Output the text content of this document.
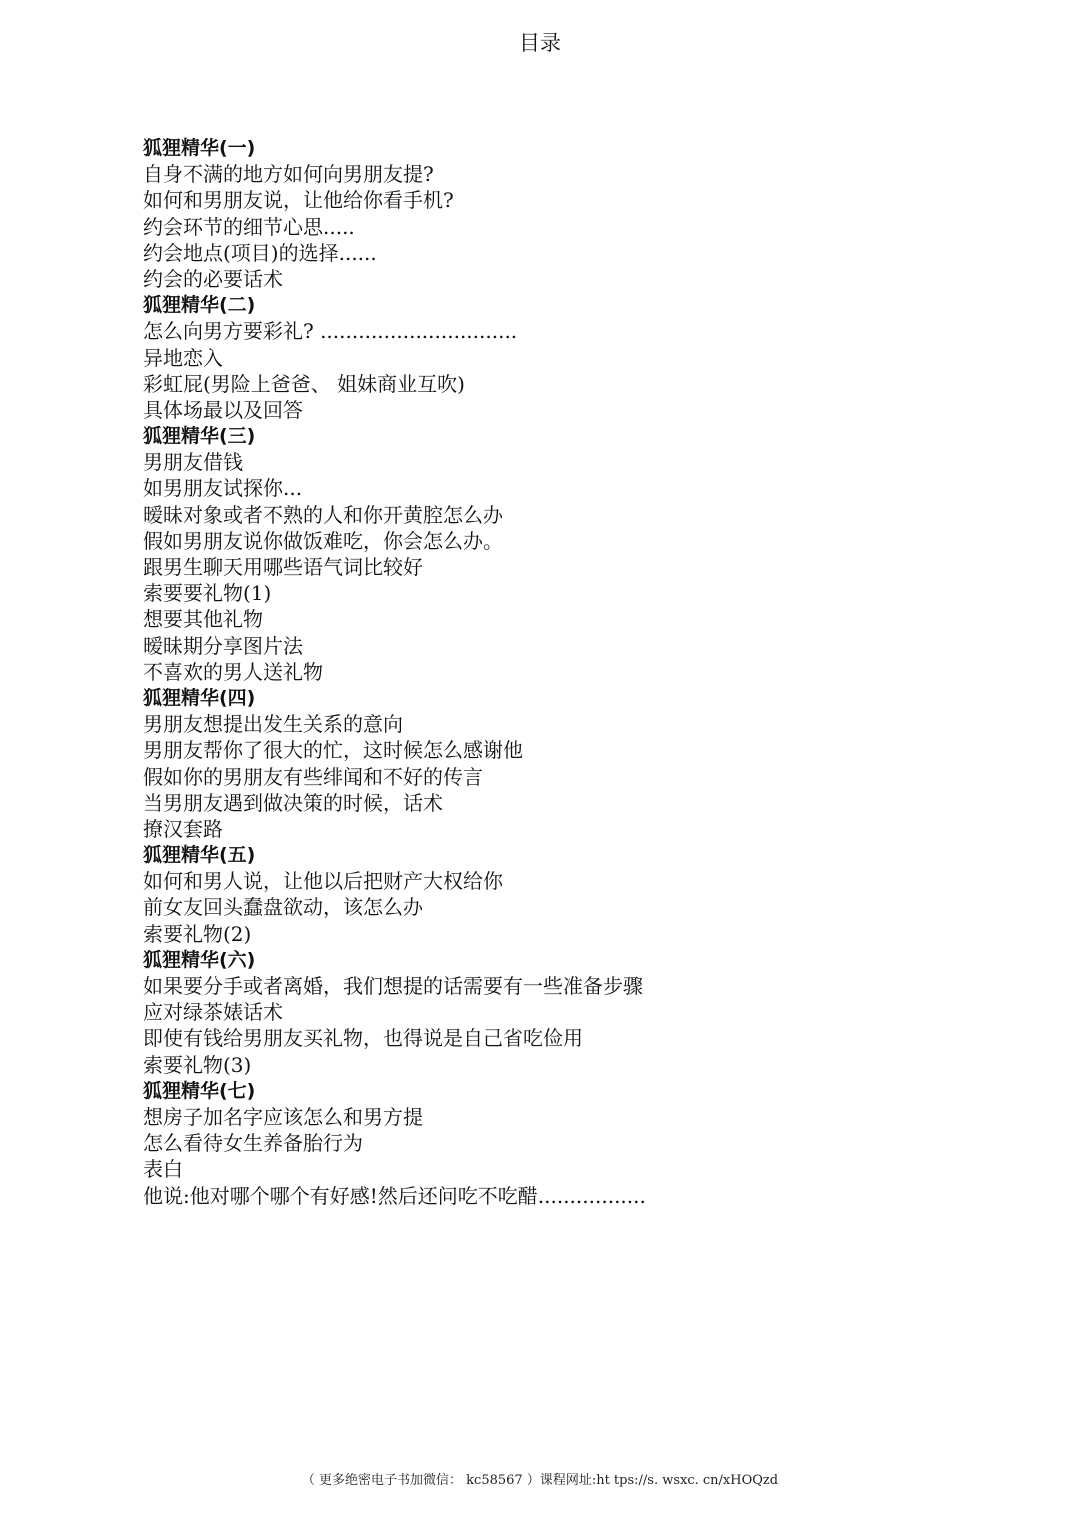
目录
狐狸精华(一)
自身不满的地方如何向男朋友提?
如何和男朋友说，让他给你看手机?
约会环节的细节心思.....
约会地点(项目)的选择......
约会的必要话术
狐狸精华(二)
怎么向男方要彩礼? ...............................
异地恋入
彩虹屁(男险上爸爸、 姐妹商业互吹)
具体场最以及回答
狐狸精华(三)
男朋友借钱
如男朋友试探你...
暧昧对象或者不熟的人和你开黄腔怎么办
假如男朋友说你做饭难吃，你会怎么办。
跟男生聊天用哪些语气词比较好
索要要礼物(1)
想要其他礼物
暧昧期分享图片法
不喜欢的男人送礼物
狐狸精华(四)
男朋友想提出发生关系的意向
男朋友帮你了很大的忙，这时候怎么感谢他
假如你的男朋友有些绯闻和不好的传言
当男朋友遇到做决策的时候，话术
撩汉套路
狐狸精华(五)
如何和男人说，让他以后把财产大权给你
前女友回头蠢盘欲动，该怎么办
索要礼物(2)
狐狸精华(六)
如果要分手或者离婚，我们想提的话需要有一些准备步骤
应对绿茶婊话术
即使有钱给男朋友买礼物，也得说是自己省吃俭用
索要礼物(3)
狐狸精华(七)
想房子加名字应该怎么和男方提
怎么看待女生养备胎行为
表白
他说:他对哪个哪个有好感!然后还问吃不吃醋.................
（ 更多绝密电子书加微信： kc58567 ）课程网址:ht tps://s. wsxc. cn/xHOQzd
